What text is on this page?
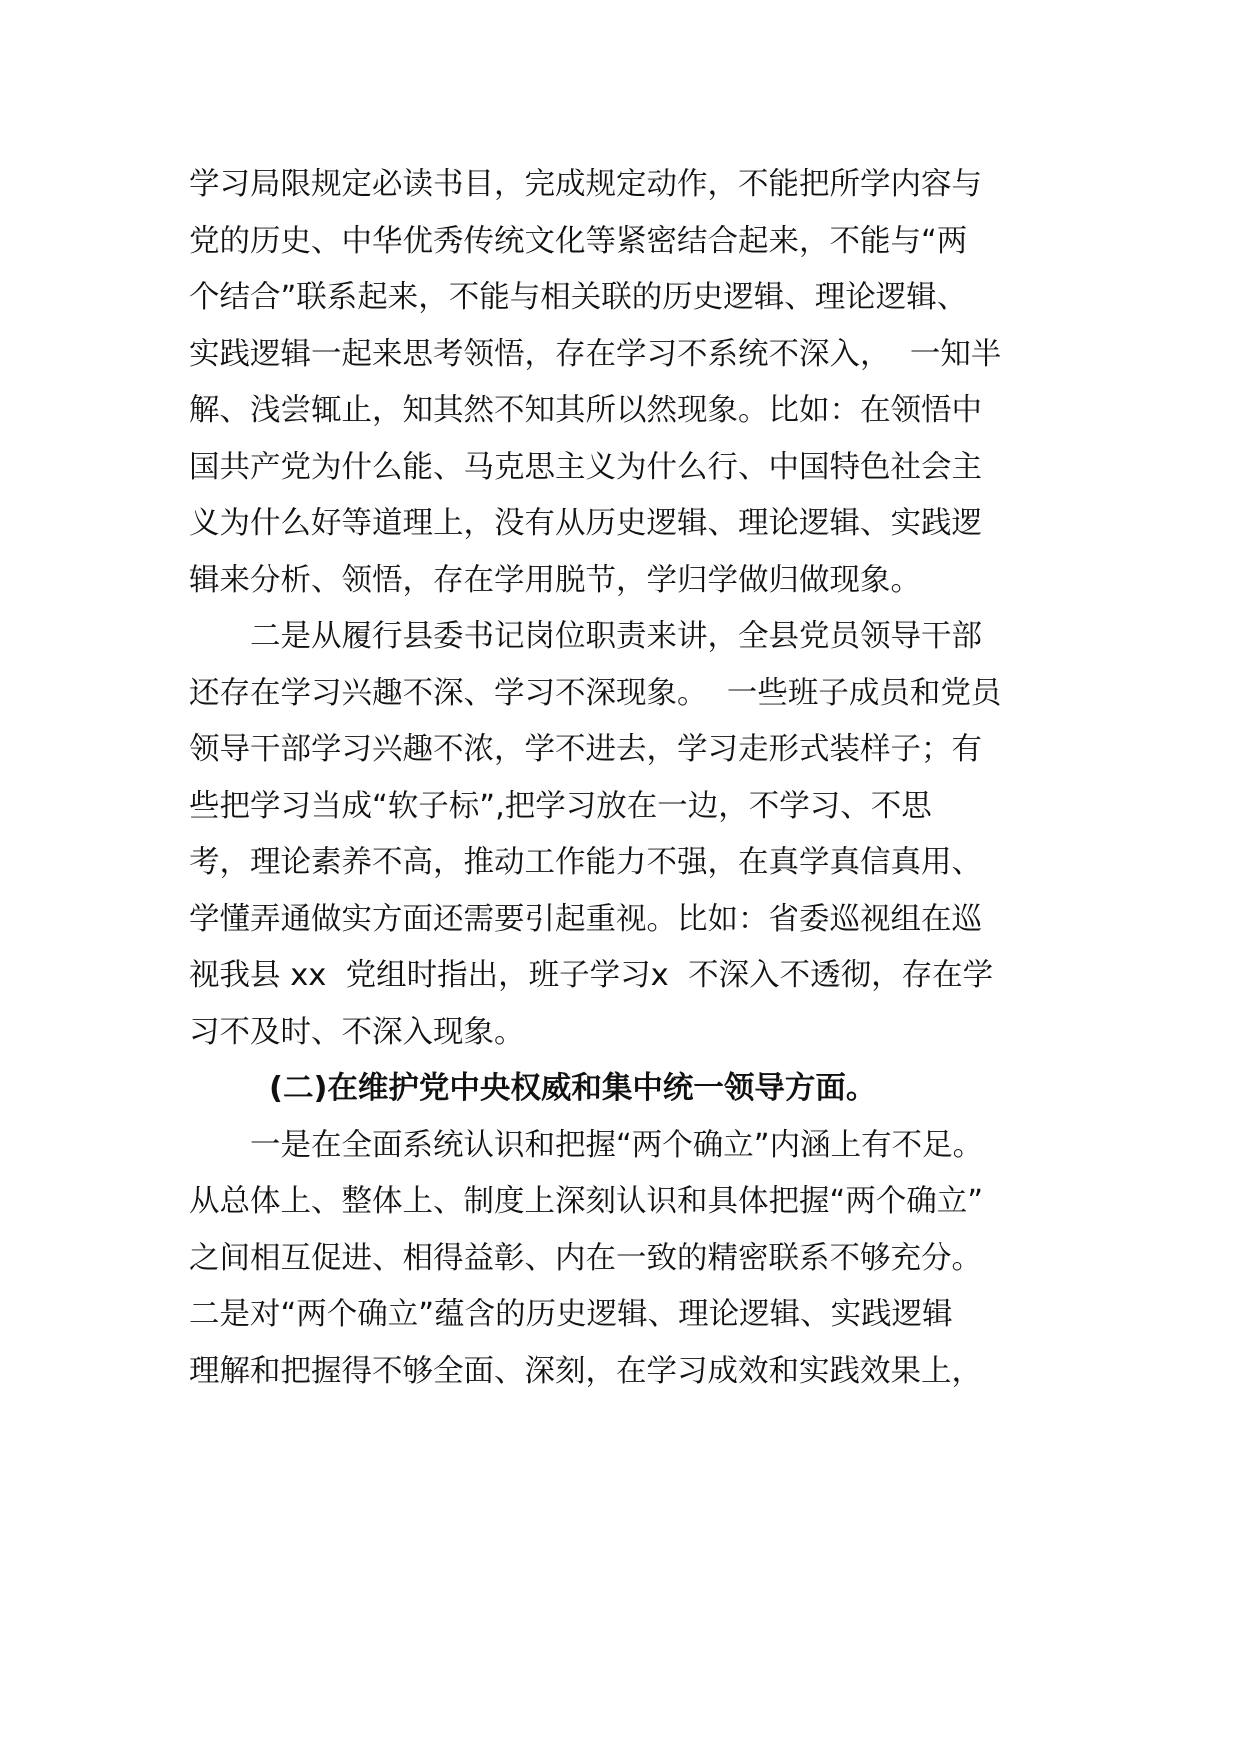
学习局限规定必读书目，完成规定动作，不能把所学内容与
党的历史、中华优秀传统文化等紧密结合起来，不能与“两
个结合”联系起来，不能与相关联的历史逻辑、理论逻辑、
实践逻辑一起来思考领悟，存在学习不系统不深入，  一知半
解、浅尝辄止，知其然不知其所以然现象。比如：在领悟中
国共产党为什么能、马克思主义为什么行、中国特色社会主
义为什么好等道理上，没有从历史逻辑、理论逻辑、实践逻
辑来分析、领悟，存在学用脱节，学归学做归做现象。
二是从履行县委书记岗位职责来讲，全县党员领导干部
还存在学习兴趣不深、学习不深现象。  一些班子成员和党员
领导干部学习兴趣不浓，学不进去，学习走形式装样子；有
些把学习当成“软子标”,把学习放在一边，不学习、不思
考，理论素养不高，推动工作能力不强，在真学真信真用、
学懂弄通做实方面还需要引起重视。比如：省委巡视组在巡
视我县 xx  党组时指出，班子学习x  不深入不透彻，存在学
习不及时、不深入现象。
(二)在维护党中央权威和集中统一领导方面。
一是在全面系统认识和把握“两个确立”内涵上有不足。
从总体上、整体上、制度上深刻认识和具体把握“两个确立”
之间相互促进、相得益彰、内在一致的精密联系不够充分。
二是对“两个确立”蕴含的历史逻辑、理论逻辑、实践逻辑
理解和把握得不够全面、深刻，在学习成效和实践效果上，
